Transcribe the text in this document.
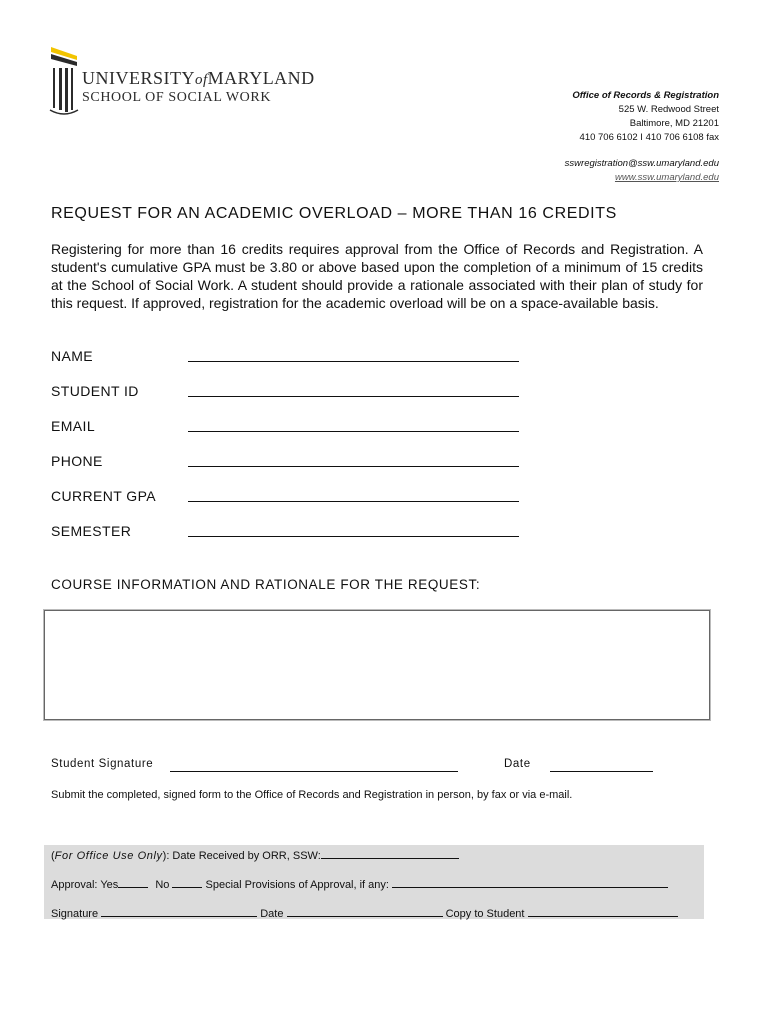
UNIVERSITYofMARYLAND
SCHOOL OF SOCIAL WORK	Office of Records & Registration
525 W. Redwood Street
Baltimore, MD 21201
410 706 6102 I 410 706 6108 fax
sswregistration@ssw.umaryland.edu
www.ssw.umaryland.edu
REQUEST FOR AN ACADEMIC OVERLOAD – MORE THAN 16 CREDITS
Registering for more than 16 credits requires approval from the Office of Records and Registration. A student's cumulative GPA must be 3.80 or above based upon the completion of a minimum of 15 credits at the School of Social Work. A student should provide a rationale associated with their plan of study for this request. If approved, registration for the academic overload will be on a space-available basis.
NAME
STUDENT ID
EMAIL
PHONE
CURRENT GPA
SEMESTER
COURSE INFORMATION AND RATIONALE FOR THE REQUEST:
Student Signature	Date
Submit the completed, signed form to the Office of Records and Registration in person, by fax or via e-mail.
(For Office Use Only): Date Received by ORR, SSW:
Approval: Yes	No	Special Provisions of Approval, if any:
Signature	Date	Copy to Student
